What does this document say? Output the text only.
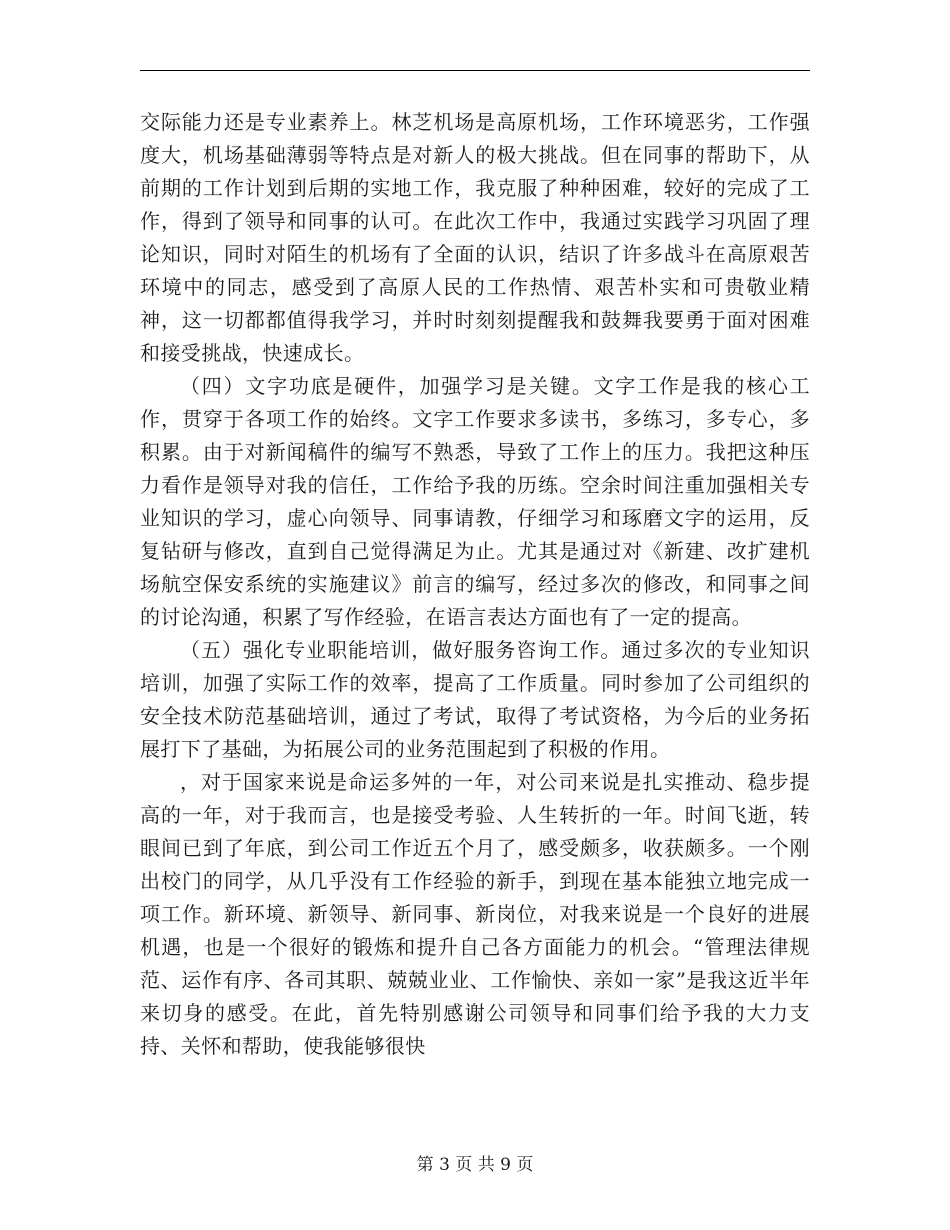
交际能力还是专业素养上。林芝机场是高原机场，工作环境恶劣，工作强度大，机场基础薄弱等特点是对新人的极大挑战。但在同事的帮助下，从前期的工作计划到后期的实地工作，我克服了种种困难，较好的完成了工作，得到了领导和同事的认可。在此次工作中，我通过实践学习巩固了理论知识，同时对陌生的机场有了全面的认识，结识了许多战斗在高原艰苦环境中的同志，感受到了高原人民的工作热情、艰苦朴实和可贵敬业精神，这一切都都值得我学习，并时时刻刻提醒我和鼓舞我要勇于面对困难和接受挑战，快速成长。

（四）文字功底是硬件，加强学习是关键。文字工作是我的核心工作，贯穿于各项工作的始终。文字工作要求多读书，多练习，多专心，多积累。由于对新闻稿件的编写不熟悉，导致了工作上的压力。我把这种压力看作是领导对我的信任，工作给予我的历练。空余时间注重加强相关专业知识的学习，虚心向领导、同事请教，仔细学习和琢磨文字的运用，反复钻研与修改，直到自己觉得满足为止。尤其是通过对《新建、改扩建机场航空保安系统的实施建议》前言的编写，经过多次的修改，和同事之间的讨论沟通，积累了写作经验，在语言表达方面也有了一定的提高。

（五）强化专业职能培训，做好服务咨询工作。通过多次的专业知识培训，加强了实际工作的效率，提高了工作质量。同时参加了公司组织的安全技术防范基础培训，通过了考试，取得了考试资格，为今后的业务拓展打下了基础，为拓展公司的业务范围起到了积极的作用。

，对于国家来说是命运多舛的一年，对公司来说是扎实推动、稳步提高的一年，对于我而言，也是接受考验、人生转折的一年。时间飞逝，转眼间已到了年底，到公司工作近五个月了，感受颇多，收获颇多。一个刚出校门的同学，从几乎没有工作经验的新手，到现在基本能独立地完成一项工作。新环境、新领导、新同事、新岗位，对我来说是一个良好的进展机遇，也是一个很好的锻炼和提升自己各方面能力的机会。“管理法律规范、运作有序、各司其职、兢兢业业、工作愉快、亲如一家”是我这近半年来切身的感受。在此，首先特别感谢公司领导和同事们给予我的大力支持、关怀和帮助，使我能够很快

第 3 页 共 9 页
